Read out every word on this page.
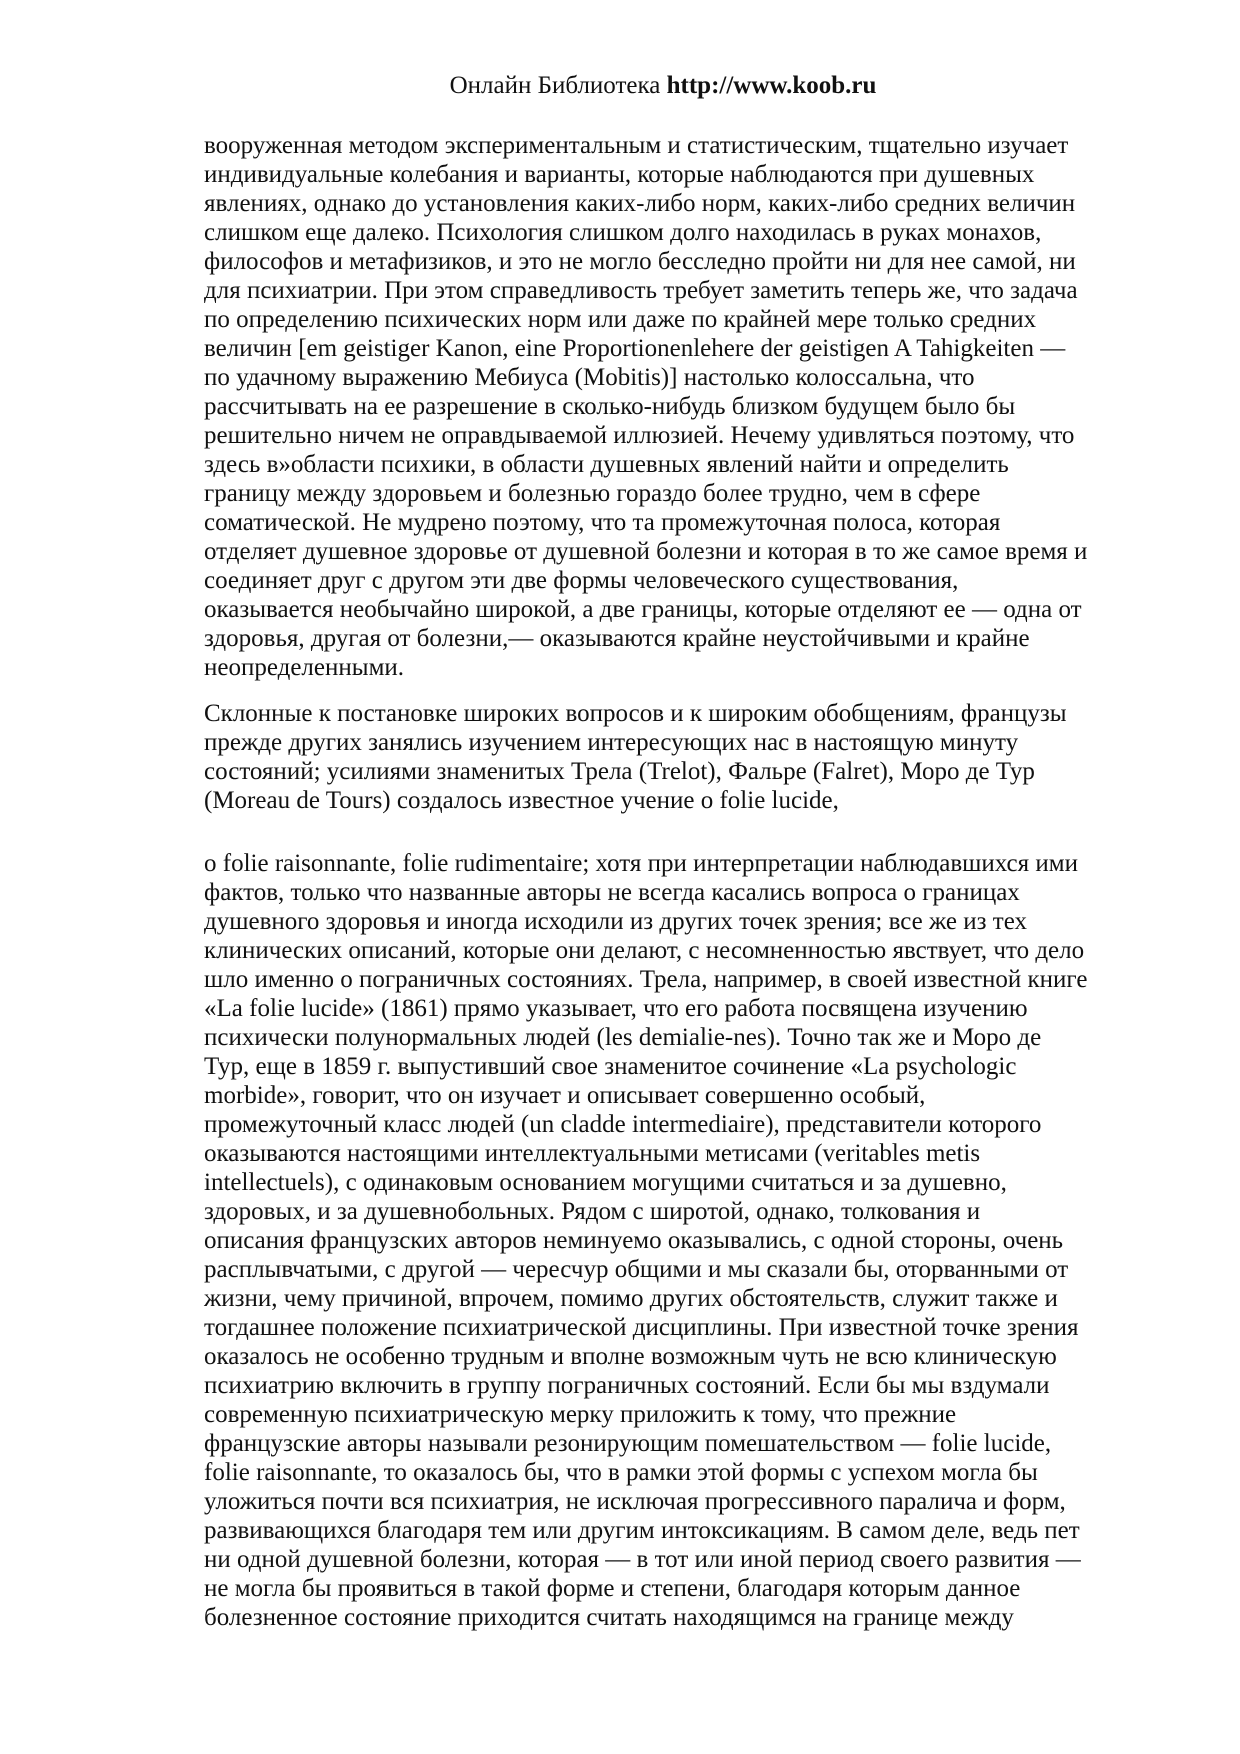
Онлайн Библиотека http://www.koob.ru
вооруженная методом экспериментальным и статистическим, тщательно изучает
индивидуальные колебания и варианты, которые наблюдаются при душевных
явлениях, однако до установления каких-либо норм, каких-либо средних величин
слишком еще далеко. Психология слишком долго находилась в руках монахов,
философов и метафизиков, и это не могло бесследно пройти ни для нее самой, ни
для психиатрии. При этом справедливость требует заметить теперь же, что задача
по определению психических норм или даже по крайней мере только средних
величин [em geistiger Kanon, eine Proportionenlehere der geistigen A Tahigkeiten —
по удачному выражению Мебиуса (Mobitis)] настолько колоссальна, что
рассчитывать на ее разрешение в сколько-нибудь близком будущем было бы
решительно ничем не оправдываемой иллюзией. Нечему удивляться поэтому, что
здесь в»области психики, в области душевных явлений найти и определить
границу между здоровьем и болезнью гораздо более трудно, чем в сфере
соматической. Не мудрено поэтому, что та промежуточная полоса, которая
отделяет душевное здоровье от душевной болезни и которая в то же самое время и
соединяет друг с другом эти две формы человеческого существования,
оказывается необычайно широкой, а две границы, которые отделяют ее — одна от
здоровья, другая от болезни,— оказываются крайне неустойчивыми и крайне
неопределенными.
Склонные к постановке широких вопросов и к широким обобщениям, французы
прежде других занялись изучением интересующих нас в настоящую минуту
состояний; усилиями знаменитых Трела (Trelot), Фальре (Falret), Моро де Тур
(Moreau de Tours) создалось известное учение о folie lucide,
o folie raisonnante, folie rudimentaire; хотя при интерпретации наблюдавшихся ими
фактов, только что названные авторы не всегда касались вопроса о границах
душевного здоровья и иногда исходили из других точек зрения; все же из тех
клинических описаний, которые они делают, с несомненностью явствует, что дело
шло именно о пограничных состояниях. Трела, например, в своей известной книге
«La folie lucide» (1861) прямо указывает, что его работа посвящена изучению
психически полунормальных людей (les demialie-nes). Точно так же и Моро де
Тур, еще в 1859 г. выпустивший свое знаменитое сочинение «La psychologic
morbide», говорит, что он изучает и описывает совершенно особый,
промежуточный класс людей (un cladde intermediaire), представители которого
оказываются настоящими интеллектуальными метисами (veritables metis
intellectuels), с одинаковым основанием могущими считаться и за душевно,
здоровых, и за душевнобольных. Рядом с широтой, однако, толкования и
описания французских авторов неминуемо оказывались, с одной стороны, очень
расплывчатыми, с другой — чересчур общими и мы сказали бы, оторванными от
жизни, чему причиной, впрочем, помимо других обстоятельств, служит также и
тогдашнее положение психиатрической дисциплины. При известной точке зрения
оказалось не особенно трудным и вполне возможным чуть не всю клиническую
психиатрию включить в группу пограничных состояний. Если бы мы вздумали
современную психиатрическую мерку приложить к тому, что прежние
французские авторы называли резонирующим помешательством — folie lucide,
folie raisonnante, то оказалось бы, что в рамки этой формы с успехом могла бы
уложиться почти вся психиатрия, не исключая прогрессивного паралича и форм,
развивающихся благодаря тем или другим интоксикациям. В самом деле, ведь пет
ни одной душевной болезни, которая — в тот или иной период своего развития —
не могла бы проявиться в такой форме и степени, благодаря которым данное
болезненное состояние приходится считать находящимся на границе между
